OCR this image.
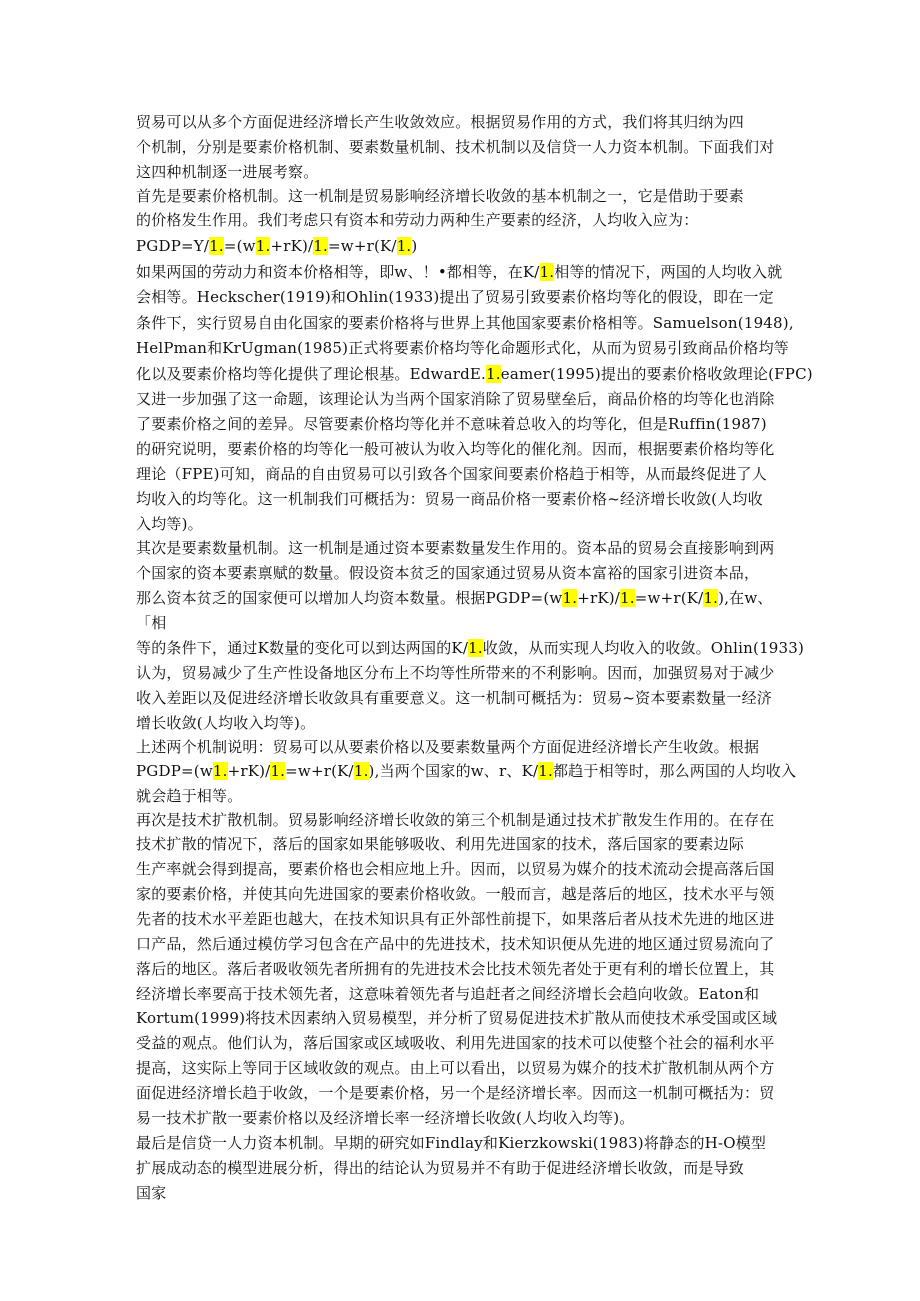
贸易可以从多个方面促进经济增长产生收敛效应。根据贸易作用的方式，我们将其归纳为四
个机制，分别是要素价格机制、要素数量机制、技术机制以及信贷一人力资本机制。下面我们对
这四种机制逐一进展考察。
首先是要素价格机制。这一机制是贸易影响经济增长收敛的基本机制之一，它是借助于要素
的价格发生作用。我们考虑只有资本和劳动力两种生产要素的经济，人均收入应为：
PGDP=Y/1.=(w1.+rK)/1.=w+r(K/1.)
如果两国的劳动力和资本价格相等，即w、！•都相等，在K/1.相等的情况下，两国的人均收入就
会相等。Heckscher(1919)和Ohlin(1933)提出了贸易引致要素价格均等化的假设，即在一定
条件下，实行贸易自由化国家的要素价格将与世界上其他国家要素价格相等。Samuelson(1948),
HelPman和KrUgman(1985)正式将要素价格均等化命题形式化，从而为贸易引致商品价格均等
化以及要素价格均等化提供了理论根基。EdwardE.1.eamer(1995)提出的要素价格收敛理论(FPC)
又进一步加强了这一命题，该理论认为当两个国家消除了贸易壁垒后，商品价格的均等化也消除
了要素价格之间的差异。尽管要素价格均等化并不意味着总收入的均等化，但是Ruffin(1987)
的研究说明，要素价格的均等化一般可被认为收入均等化的催化剂。因而，根据要素价格均等化
理论（FPE)可知，商品的自由贸易可以引致各个国家间要素价格趋于相等，从而最终促进了人
均收入的均等化。这一机制我们可概括为：贸易一商品价格一要素价格~经济增长收敛(人均收
入均等)。
其次是要素数量机制。这一机制是通过资本要素数量发生作用的。资本品的贸易会直接影响到两
个国家的资本要素禀赋的数量。假设资本贫乏的国家通过贸易从资本富裕的国家引进资本品，
那么资本贫乏的国家便可以增加人均资本数量。根据PGDP=(w1.+rK)/1.=w+r(K/1.),在w、
「相
等的条件下，通过K数量的变化可以到达两国的K/1.收敛，从而实现人均收入的收敛。Ohlin(1933)
认为，贸易减少了生产性设备地区分布上不均等性所带来的不利影响。因而，加强贸易对于减少
收入差距以及促进经济增长收敛具有重要意义。这一机制可概括为：贸易~资本要素数量一经济
增长收敛(人均收入均等)。
上述两个机制说明：贸易可以从要素价格以及要素数量两个方面促进经济增长产生收敛。根据
PGDP=(w1.+rK)/1.=w+r(K/1.),当两个国家的w、r、K/1.都趋于相等时，那么两国的人均收入
就会趋于相等。
再次是技术扩散机制。贸易影响经济增长收敛的第三个机制是通过技术扩散发生作用的。在存在
技术扩散的情况下，落后的国家如果能够吸收、利用先进国家的技术，落后国家的要素边际
生产率就会得到提高，要素价格也会相应地上升。因而，以贸易为媒介的技术流动会提高落后国
家的要素价格，并使其向先进国家的要素价格收敛。一般而言，越是落后的地区，技术水平与领
先者的技术水平差距也越大，在技术知识具有正外部性前提下，如果落后者从技术先进的地区进
口产品，然后通过模仿学习包含在产品中的先进技术，技术知识便从先进的地区通过贸易流向了
落后的地区。落后者吸收领先者所拥有的先进技术会比技术领先者处于更有利的增长位置上，其
经济增长率要高于技术领先者，这意味着领先者与追赶者之间经济增长会趋向收敛。Eaton和
Kortum(1999)将技术因素纳入贸易模型，并分析了贸易促进技术扩散从而使技术承受国或区域
受益的观点。他们认为，落后国家或区域吸收、利用先进国家的技术可以使整个社会的福利水平
提高，这实际上等同于区域收敛的观点。由上可以看出，以贸易为媒介的技术扩散机制从两个方
面促进经济增长趋于收敛，一个是要素价格，另一个是经济增长率。因而这一机制可概括为：贸
易一技术扩散一要素价格以及经济增长率一经济增长收敛(人均收入均等)。
最后是信贷一人力资本机制。早期的研究如Findlay和Kierzkowski(1983)将静态的H-O模型
扩展成动态的模型进展分析，得出的结论认为贸易并不有助于促进经济增长收敛，而是导致
国家
